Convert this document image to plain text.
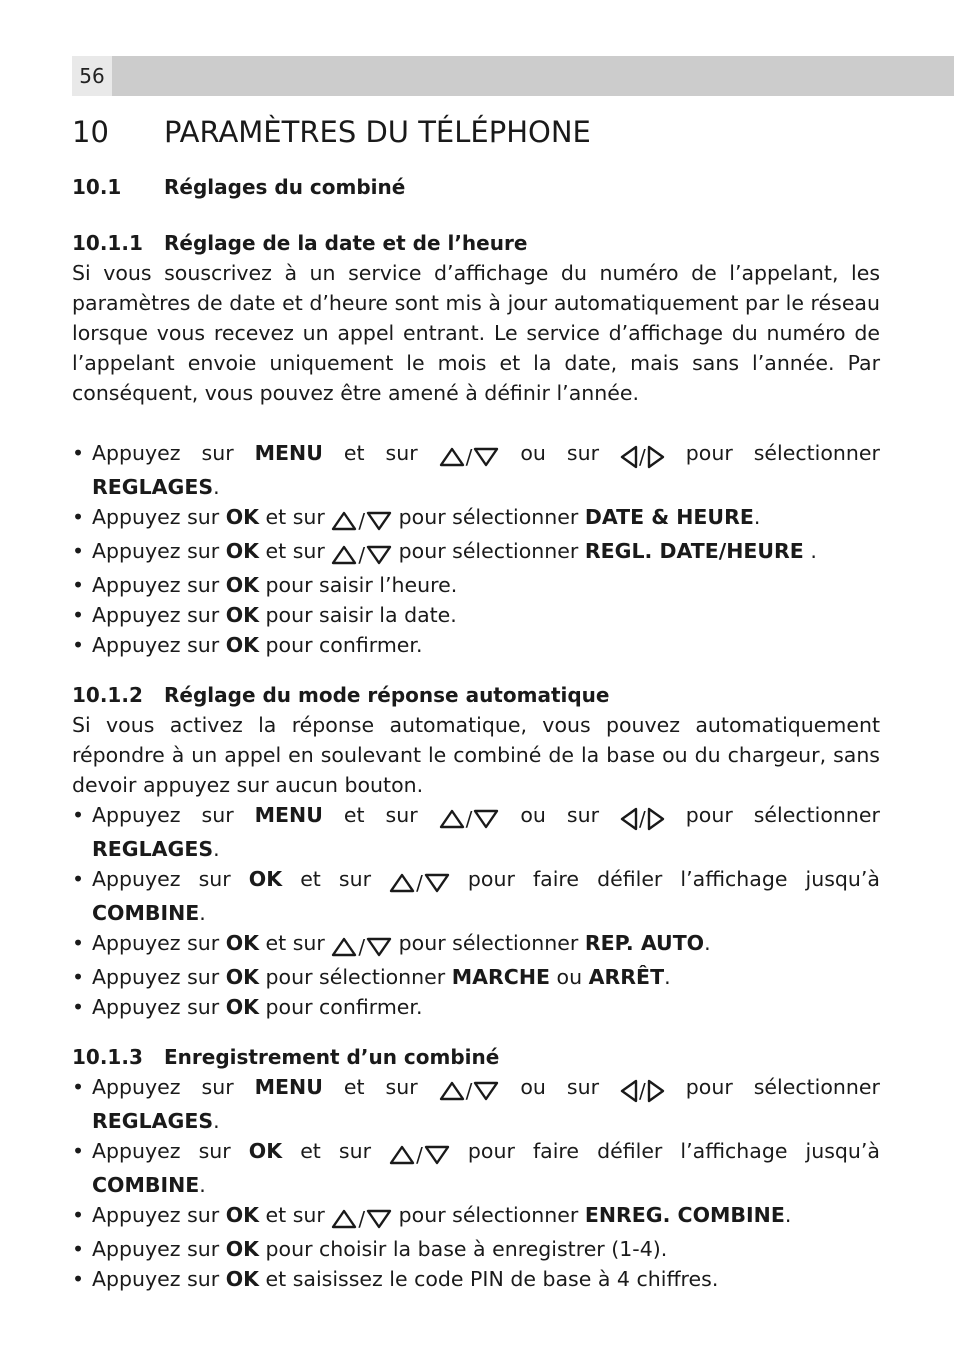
56
10 PARAMÈTRES DU TÉLÉPHONE
10.1 Réglages du combiné
10.1.1 Réglage de la date et de l’heure

Si vous souscrivez à un service d’affichage du numéro de l’appelant, les paramètres de date et d’heure sont mis à jour automatiquement par le réseau lorsque vous recevez un appel entrant. Le service d’affichage du numéro de l’appelant envoie uniquement le mois et la date, mais sans l’année. Par conséquent, vous pouvez être amené à définir l’année.

• Appuyez sur MENU et sur / ou sur / pour sélectionner
REGLAGES.
• Appuyez sur OK et sur / pour sélectionner DATE & HEURE.
• Appuyez sur OK et sur / pour sélectionner REGL. DATE/HEURE .
• Appuyez sur OK pour saisir l’heure.
• Appuyez sur OK pour saisir la date.
• Appuyez sur OK pour confirmer.
10.1.2 Réglage du mode réponse automatique

Si vous activez la réponse automatique, vous pouvez automatiquement répondre à un appel en soulevant le combiné de la base ou du chargeur, sans devoir appuyez sur aucun bouton.

• Appuyez sur MENU et sur / ou sur / pour sélectionner
REGLAGES.
• Appuyez sur OK et sur / pour faire défiler l’affichage jusqu’à
COMBINE.
• Appuyez sur OK et sur / pour sélectionner REP. AUTO.
• Appuyez sur OK pour sélectionner MARCHE ou ARRÊT.
• Appuyez sur OK pour confirmer.
10.1.3 Enregistrement d’un combiné
• Appuyez sur MENU et sur / ou sur / pour sélectionner
REGLAGES.
• Appuyez sur OK et sur / pour faire défiler l’affichage jusqu’à
COMBINE.
• Appuyez sur OK et sur / pour sélectionner ENREG. COMBINE.
• Appuyez sur OK pour choisir la base à enregistrer (1-4).
• Appuyez sur OK et saisissez le code PIN de base à 4 chiffres.
